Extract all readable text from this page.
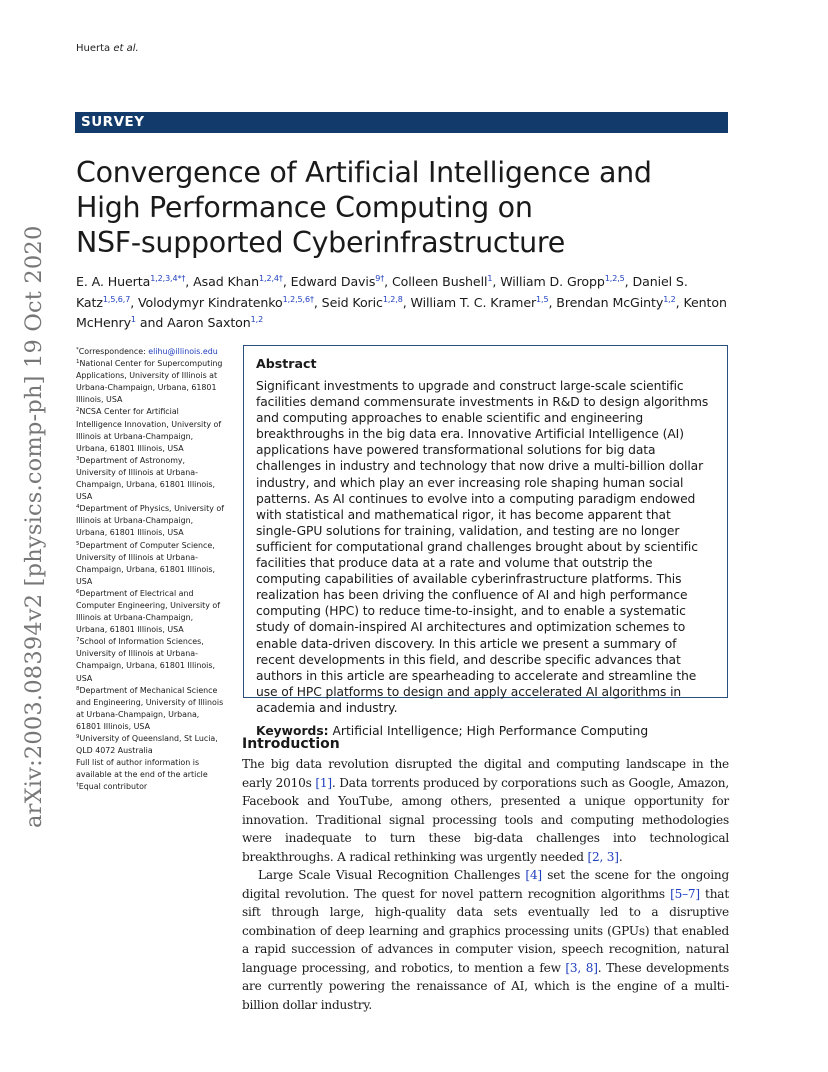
Huerta et al.
arXiv:2003.08394v2 [physics.comp-ph] 19 Oct 2020
SURVEY
Convergence of Artificial Intelligence and
High Performance Computing on
NSF-supported Cyberinfrastructure
E. A. Huerta$^{1,2,3,4*\dagger}$, Asad Khan$^{1,2,4\dagger}$, Edward Davis$^{9\dagger}$, Colleen Bushell$^1$, William D. Gropp$^{1,2,5}$, Daniel S. Katz$^{1,5,6,7}$, Volodymyr Kindratenko$^{1,2,5,6\dagger}$, Seid Koric$^{1,2,8}$, William T. C. Kramer$^{1,5}$, Brendan McGinty$^{1,2}$, Kenton McHenry$^1$ and Aaron Saxton$^{1,2}$
*Correspondence: elihu@illinois.edu
$^1$National Center for Supercomputing Applications, University of Illinois at Urbana-Champaign, Urbana, 61801 Illinois, USA
$^2$NCSA Center for Artificial Intelligence Innovation, University of Illinois at Urbana-Champaign, Urbana, 61801 Illinois, USA
$^3$Department of Astronomy, University of Illinois at Urbana-Champaign, Urbana, 61801 Illinois, USA
$^4$Department of Physics, University of Illinois at Urbana-Champaign, Urbana, 61801 Illinois, USA
$^5$Department of Computer Science, University of Illinois at Urbana-Champaign, Urbana, 61801 Illinois, USA
$^6$Department of Electrical and Computer Engineering, University of Illinois at Urbana-Champaign, Urbana, 61801 Illinois, USA
$^7$School of Information Sciences, University of Illinois at Urbana-Champaign, Urbana, 61801 Illinois, USA
$^8$Department of Mechanical Science and Engineering, University of Illinois at Urbana-Champaign, Urbana, 61801 Illinois, USA
$^9$University of Queensland, St Lucia, QLD 4072 Australia
Full list of author information is available at the end of the article
†Equal contributor
Abstract

Significant investments to upgrade and construct large-scale scientific facilities demand commensurate investments in R&D to design algorithms and computing approaches to enable scientific and engineering breakthroughs in the big data era. Innovative Artificial Intelligence (AI) applications have powered transformational solutions for big data challenges in industry and technology that now drive a multi-billion dollar industry, and which play an ever increasing role shaping human social patterns. As AI continues to evolve into a computing paradigm endowed with statistical and mathematical rigor, it has become apparent that single-GPU solutions for training, validation, and testing are no longer sufficient for computational grand challenges brought about by scientific facilities that produce data at a rate and volume that outstrip the computing capabilities of available cyberinfrastructure platforms. This realization has been driving the confluence of AI and high performance computing (HPC) to reduce time-to-insight, and to enable a systematic study of domain-inspired AI architectures and optimization schemes to enable data-driven discovery. In this article we present a summary of recent developments in this field, and describe specific advances that authors in this article are spearheading to accelerate and streamline the use of HPC platforms to design and apply accelerated AI algorithms in academia and industry.

Keywords: Artificial Intelligence; High Performance Computing
Introduction

The big data revolution disrupted the digital and computing landscape in the early 2010s [1]. Data torrents produced by corporations such as Google, Amazon, Facebook and YouTube, among others, presented a unique opportunity for innovation. Traditional signal processing tools and computing methodologies were inadequate to turn these big-data challenges into technological breakthroughs. A radical rethinking was urgently needed [2, 3].

Large Scale Visual Recognition Challenges [4] set the scene for the ongoing digital revolution. The quest for novel pattern recognition algorithms [5–7] that sift through large, high-quality data sets eventually led to a disruptive combination of deep learning and graphics processing units (GPUs) that enabled a rapid succession of advances in computer vision, speech recognition, natural language processing, and robotics, to mention a few [3, 8]. These developments are currently powering the renaissance of AI, which is the engine of a multi-billion dollar industry.
